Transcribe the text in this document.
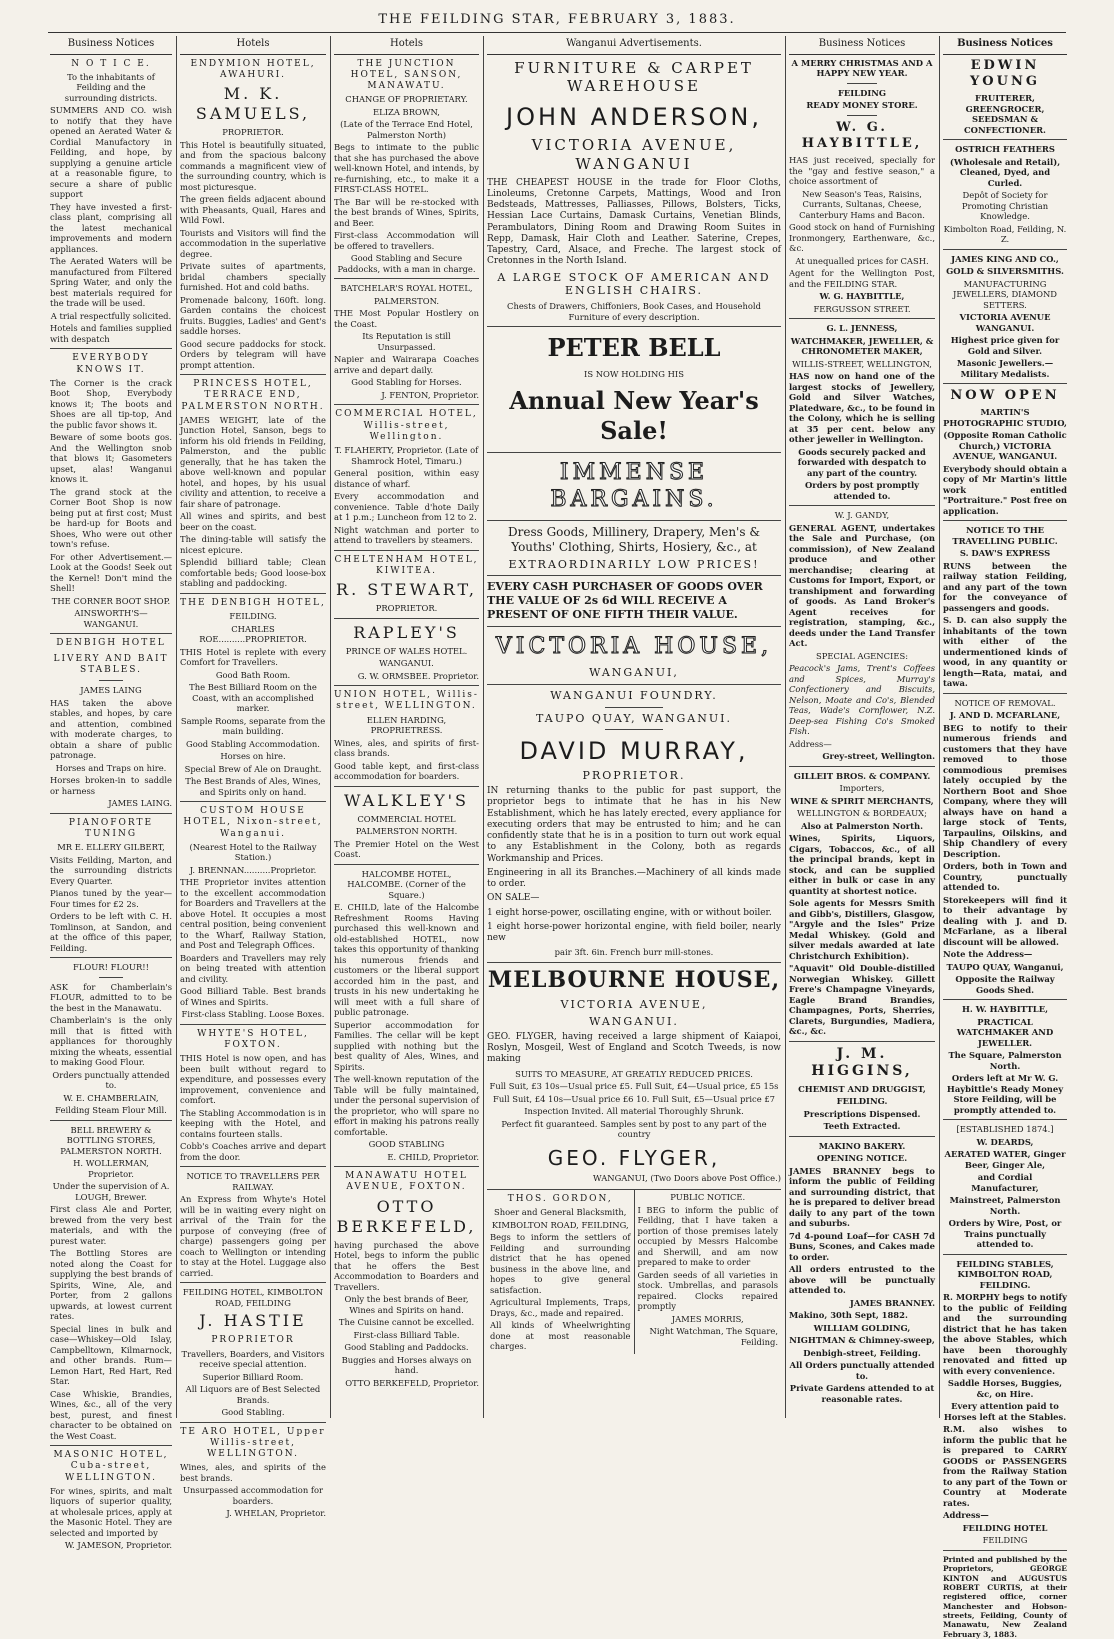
THE FEILDING STAR, FEBRUARY 3, 1883.
Business Notices
N O T I C E.
To the inhabitants of Feilding and the surrounding districts.
SUMMERS AND CO. wish to notify that they have opened an Aerated Water & Cordial Manufactory in Feilding, and hope, by supplying a genuine article at a reasonable figure, to secure a share of public support
They have invested a first-class plant, comprising all the latest mechanical improvements and modern appliances.
The Aerated Waters will be manufactured from Filtered Spring Water, and only the best materials required for the trade will be used.
A trial respectfully solicited.
Hotels and families supplied with despatch
EVERYBODY KNOWS IT.
The Corner is the crack Boot Shop, Everybody knows it; The boots and Shoes are all tip-top, And the public favor shows it.
Beware of some boots gos. And the Wellington snob that blows it; Gasometers upset, alas! Wanganui knows it.
The grand stock at the Corner Boot Shop is now being put at first cost; Must be hard-up for Boots and Shoes, Who were out other town's refuse.
For other Advertisement.—Look at the Goods! Seek out the Kernel! Don't mind the Shell!
THE CORNER BOOT SHOP.
AINSWORTH'S—WANGANUI.
DENBIGH HOTEL
LIVERY AND BAIT STABLES.
JAMES LAING
HAS taken the above stables, and hopes, by care and attention, combined with moderate charges, to obtain a share of public patronage.
Horses and Traps on hire.
Horses broken-in to saddle or harness
JAMES LAING.
PIANOFORTE TUNING
MR E. ELLERY GILBERT,
Visits Feilding, Marton, and the surrounding districts Every Quarter.
Pianos tuned by the year—Four times for £2 2s.
Orders to be left with C. H. Tomlinson, at Sandon, and at the office of this paper, Feilding.
FLOUR! FLOUR!!
ASK for Chamberlain's FLOUR, admitted to to be the best in the Manawatu.
Chamberlain's is the only mill that is fitted with appliances for thoroughly mixing the wheats, essential to making Good Flour.
Orders punctually attended to.
W. E. CHAMBERLAIN,
Feilding Steam Flour Mill.
BELL BREWERY & BOTTLING STORES, PALMERSTON NORTH.
H. WOLLERMAN, Proprietor.
Under the supervision of A. LOUGH, Brewer.
First class Ale and Porter, brewed from the very best materials, and with the purest water.
The Bottling Stores are noted along the Coast for supplying the best brands of Spirits, Wine, Ale, and Porter, from 2 gallons upwards, at lowest current rates.
Special lines in bulk and case—Whiskey—Old Islay, Campbelltown, Kilmarnock, and other brands. Rum—Lemon Hart, Red Hart, Red Star.
Case Whiskie, Brandies, Wines, &c., all of the very best, purest, and finest character to be obtained on the West Coast.
MASONIC HOTEL, Cuba-street, WELLINGTON.
For wines, spirits, and malt liquors of superior quality, at wholesale prices, apply at the Masonic Hotel. They are selected and imported by
W. JAMESON, Proprietor.
Hotels
ENDYMION HOTEL, AWAHURI.
M. K. SAMUELS,
PROPRIETOR.
This Hotel is beautifully situated, and from the spacious balcony commands a magnificent view of the surrounding country, which is most picturesque.
The green fields adjacent abound with Pheasants, Quail, Hares and Wild Fowl.
Tourists and Visitors will find the accommodation in the superlative degree.
Private suites of apartments, bridal chambers specially furnished. Hot and cold baths.
Promenade balcony, 160ft. long. Garden contains the choicest fruits. Buggies, Ladies' and Gent's saddle horses.
Good secure paddocks for stock. Orders by telegram will have prompt attention.
PRINCESS HOTEL, TERRACE END, PALMERSTON NORTH.
JAMES WEIGHT, late of the Junction Hotel, Sanson, begs to inform his old friends in Feilding, Palmerston, and the public generally, that he has taken the above well-known and popular hotel, and hopes, by his usual civility and attention, to receive a fair share of patronage.
All wines and spirits, and best beer on the coast.
The dining-table will satisfy the nicest epicure.
Splendid billiard table; Clean comfortable beds; Good loose-box stabling and paddocking.
THE DENBIGH HOTEL,
FEILDING.
CHARLES ROE..........PROPRIETOR.
THIS Hotel is replete with every Comfort for Travellers.
Good Bath Room.
The Best Billiard Room on the Coast, with an accomplished marker.
Sample Rooms, separate from the main building.
Good Stabling Accommodation.
Horses on hire.
Special Brew of Ale on Draught.
The Best Brands of Ales, Wines, and Spirits only on hand.
CUSTOM HOUSE HOTEL, Nixon-street, Wanganui.
(Nearest Hotel to the Railway Station.)
J. BRENNAN..........Proprietor.
THE Proprietor invites attention to the excellent accommodation for Boarders and Travellers at the above Hotel. It occupies a most central position, being convenient to the Wharf, Railway Station, and Post and Telegraph Offices.
Boarders and Travellers may rely on being treated with attention and civility.
Good Billiard Table. Best brands of Wines and Spirits.
First-class Stabling. Loose Boxes.
WHYTE'S HOTEL, FOXTON.
THIS Hotel is now open, and has been built without regard to expenditure, and possesses every improvement, convenience and comfort.
The Stabling Accommodation is in keeping with the Hotel, and contains fourteen stalls.
Cobb's Coaches arrive and depart from the door.
NOTICE TO TRAVELLERS PER RAILWAY.
An Express from Whyte's Hotel will be in waiting every night on arrival of the Train for the purpose of conveying (free of charge) passengers going per coach to Wellington or intending to stay at the Hotel. Luggage also carried.
FEILDING HOTEL, KIMBOLTON ROAD, FEILDING
J. HASTIE
PROPRIETOR
Travellers, Boarders, and Visitors receive special attention.
Superior Billiard Room.
All Liquors are of Best Selected Brands.
Good Stabling.
TE ARO HOTEL, Upper Willis-street, WELLINGTON.
Wines, ales, and spirits of the best brands.
Unsurpassed accommodation for boarders.
J. WHELAN, Proprietor.
Hotels
THE JUNCTION HOTEL, SANSON, MANAWATU.
CHANGE OF PROPRIETARY.
ELIZA BROWN,
(Late of the Terrace End Hotel, Palmerston North)
Begs to intimate to the public that she has purchased the above well-known Hotel, and intends, by re-furnishing, etc., to make it a FIRST-CLASS HOTEL.
The Bar will be re-stocked with the best brands of Wines, Spirits, and Beer.
First-class Accommodation will be offered to travellers.
Good Stabling and Secure Paddocks, with a man in charge.
BATCHELAR'S ROYAL HOTEL,
PALMERSTON.
THE Most Popular Hostlery on the Coast.
Its Reputation is still Unsurpassed.
Napier and Wairarapa Coaches arrive and depart daily.
Good Stabling for Horses.
J. FENTON, Proprietor.
COMMERCIAL HOTEL, Willis-street, Wellington.
T. FLAHERTY, Proprietor. (Late of Shamrock Hotel, Timaru.)
General position, within easy distance of wharf.
Every accommodation and convenience. Table d'hote Daily at 1 p.m.; Luncheon from 12 to 2.
Night watchman and porter to attend to travellers by steamers.
CHELTENHAM HOTEL, KIWITEA.
R. STEWART,
PROPRIETOR.
RAPLEY'S
PRINCE OF WALES HOTEL.
WANGANUI.
G. W. ORMSBEE. Proprietor.
UNION HOTEL, Willis-street, WELLINGTON.
ELLEN HARDING, PROPRIETRESS.
Wines, ales, and spirits of first-class brands.
Good table kept, and first-class accommodation for boarders.
WALKLEY'S
COMMERCIAL HOTEL
PALMERSTON NORTH.
The Premier Hotel on the West Coast.
HALCOMBE HOTEL, HALCOMBE. (Corner of the Square.)
E. CHILD, late of the Halcombe Refreshment Rooms Having purchased this well-known and old-established HOTEL, now takes this opportunity of thanking his numerous friends and customers or the liberal support accorded him in the past, and trusts in his new undertaking he will meet with a full share of public patronage.
Superior accommodation for Families. The cellar will be kept supplied with nothing but the best quality of Ales, Wines, and Spirits.
The well-known reputation of the Table will be fully maintained, under the personal supervision of the proprietor, who will spare no effort in making his patrons really comfortable.
GOOD STABLING
E. CHILD, Proprietor.
MANAWATU HOTEL AVENUE, FOXTON.
OTTO BERKEFELD,
having purchased the above Hotel, begs to inform the public that he offers the Best Accommodation to Boarders and Travellers.
Only the best brands of Beer, Wines and Spirits on hand.
The Cuisine cannot be excelled.
First-class Billiard Table.
Good Stabling and Paddocks.
Buggies and Horses always on hand.
OTTO BERKEFELD, Proprietor.
Wanganui Advertisements.
FURNITURE & CARPET WAREHOUSE
JOHN ANDERSON,
VICTORIA AVENUE, WANGANUI
THE CHEAPEST HOUSE in the trade for Floor Cloths, Linoleums, Cretonne Carpets, Mattings, Wood and Iron Bedsteads, Mattresses, Palliasses, Pillows, Bolsters, Ticks, Hessian Lace Curtains, Damask Curtains, Venetian Blinds, Perambulators, Dining Room and Drawing Room Suites in Repp, Damask, Hair Cloth and Leather. Saterine, Crepes, Tapestry, Card, Alsace, and Freche. The largest stock of Cretonnes in the North Island.
A LARGE STOCK OF AMERICAN AND ENGLISH CHAIRS.
Chests of Drawers, Chiffoniers, Book Cases, and Household Furniture of every description.
PETER BELL
IS NOW HOLDING HIS
Annual New Year's Sale!
IMMENSE BARGAINS.
Dress Goods, Millinery, Drapery, Men's & Youths' Clothing, Shirts, Hosiery, &c., at
EXTRAORDINARILY LOW PRICES!
EVERY CASH PURCHASER OF GOODS OVER THE VALUE OF 2s 6d WILL RECEIVE A PRESENT OF ONE FIFTH THEIR VALUE.
VICTORIA HOUSE,
WANGANUI,
WANGANUI FOUNDRY.
TAUPO QUAY, WANGANUI.
DAVID MURRAY,
PROPRIETOR.
IN returning thanks to the public for past support, the proprietor begs to intimate that he has in his New Establishment, which he has lately erected, every appliance for executing orders that may be entrusted to him; and he can confidently state that he is in a position to turn out work equal to any Establishment in the Colony, both as regards Workmanship and Prices.
Engineering in all its Branches.—Machinery of all kinds made to order.
ON SALE—
1 eight horse-power, oscillating engine, with or without boiler.
1 eight horse-power horizontal engine, with field boiler, nearly new
pair 3ft. 6in. French burr mill-stones.
MELBOURNE HOUSE,
VICTORIA AVENUE,
WANGANUI.
GEO. FLYGER, having received a large shipment of Kaiapoi, Roslyn, Mosgeil, West of England and Scotch Tweeds, is now making
SUITS TO MEASURE, AT GREATLY REDUCED PRICES.
Full Suit, £3 10s—Usual price £5. Full Suit, £4—Usual price, £5 15s
Full Suit, £4 10s—Usual price £6 10. Full Suit, £5—Usual price £7
Inspection Invited. All material Thoroughly Shrunk.
Perfect fit guaranteed. Samples sent by post to any part of the country
GEO. FLYGER,
WANGANUI, (Two Doors above Post Office.)
THOS. GORDON,
Shoer and General Blacksmith,
KIMBOLTON ROAD, FEILDING,
Begs to inform the settlers of Feilding and surrounding district that he has opened business in the above line, and hopes to give general satisfaction.
Agricultural Implements, Traps, Drays, &c., made and repaired.
All kinds of Wheelwrighting done at most reasonable charges.
PUBLIC NOTICE.
I BEG to inform the public of Feilding, that I have taken a portion of those premises lately occupied by Messrs Halcombe and Sherwill, and am now prepared to make to order
Garden seeds of all varieties in stock. Umbrellas, and parasols repaired. Clocks repaired promptly
JAMES MORRIS,
Night Watchman, The Square, Feilding.
Business Notices
A MERRY CHRISTMAS AND A HAPPY NEW YEAR.
FEILDING
READY MONEY STORE.
W. G. HAYBITTLE,
HAS just received, specially for the "gay and festive season," a choice assortment of
New Season's Teas, Raisins, Currants, Sultanas, Cheese, Canterbury Hams and Bacon.
Good stock on hand of Furnishing Ironmongery, Earthenware, &c., &c.
At unequalled prices for CASH.
Agent for the Wellington Post, and the FEILDING STAR.
W. G. HAYBITTLE,
FERGUSSON STREET.
G. L. JENNESS,
WATCHMAKER, JEWELLER, & CHRONOMETER MAKER,
WILLIS-STREET, WELLINGTON,
HAS now on hand one of the largest stocks of Jewellery, Gold and Silver Watches, Platedware, &c., to be found in the Colony, which he is selling at 35 per cent. below any other jeweller in Wellington.
Goods securely packed and forwarded with despatch to any part of the country.
Orders by post promptly attended to.
W. J. GANDY,
GENERAL AGENT, undertakes the Sale and Purchase, (on commission), of New Zealand produce and other merchandise; clearing at Customs for Import, Export, or transhipment and forwarding of goods. As Land Broker's Agent receives for registration, stamping, &c., deeds under the Land Transfer Act.
SPECIAL AGENCIES:
Peacock's Jams, Trent's Coffees and Spices, Murray's Confectionery and Biscuits, Nelson, Moate and Co's, Blended Teas, Wade's Cornflower, N.Z. Deep-sea Fishing Co's Smoked Fish.
Address—
Grey-street, Wellington.
GILLEIT BROS. & COMPANY.
Importers,
WINE & SPIRIT MERCHANTS,
WELLINGTON & BORDEAUX;
Also at Palmerston North.
Wines, Spirits, Liquors, Cigars, Tobaccos, &c., of all the principal brands, kept in stock, and can be supplied either in bulk or case in any quantity at shortest notice.
Sole agents for Messrs Smith and Gibb's, Distillers, Glasgow, "Argyle and the Isles" Prize Medal Whiskey. (Gold and silver medals awarded at late Christchurch Exhibition).
"Aquavit" Old Double-distilled Norwegian Whiskey. Gillett Frere's Champagne Vineyards, Eagle Brand Brandies, Champagnes, Ports, Sherries, Clarets, Burgundies, Madiera, &c., &c.
J. M. HIGGINS,
CHEMIST AND DRUGGIST,
FEILDING.
Prescriptions Dispensed.
Teeth Extracted.
MAKINO BAKERY.
OPENING NOTICE.
JAMES BRANNEY begs to inform the public of Feilding and surrounding district, that he is prepared to deliver bread daily to any part of the town and suburbs.
7d 4-pound Loaf—for CASH 7d Buns, Scones, and Cakes made to order.
All orders entrusted to the above will be punctually attended to.
JAMES BRANNEY.
Makino, 30th Sept, 1882.
WILLIAM GOLDING,
NIGHTMAN & Chimney-sweep,
Denbigh-street, Feilding.
All Orders punctually attended to.
Private Gardens attended to at reasonable rates.
Business Notices
EDWIN YOUNG
FRUITERER, GREENGROCER, SEEDSMAN & CONFECTIONER.
OSTRICH FEATHERS
(Wholesale and Retail), Cleaned, Dyed, and Curled.
Depôt of Society for Promoting Christian Knowledge.
Kimbolton Road, Feilding, N. Z.
JAMES KING AND CO.,
GOLD & SILVERSMITHS.
MANUFACTURING JEWELLERS, DIAMOND SETTERS.
VICTORIA AVENUE WANGANUI.
Highest price given for Gold and Silver.
Masonic Jewellers.—Military Medalists.
NOW OPEN
MARTIN'S PHOTOGRAPHIC STUDIO,
(Opposite Roman Catholic Church,) VICTORIA AVENUE, WANGANUI.
Everybody should obtain a copy of Mr Martin's little work entitled "Portraiture." Post free on application.
NOTICE TO THE TRAVELLING PUBLIC.
S. DAW'S EXPRESS
RUNS between the railway station Feilding, and any part of the town for the conveyance of passengers and goods.
S. D. can also supply the inhabitants of the town with either of the undermentioned kinds of wood, in any quantity or length—Rata, matai, and tawa.
NOTICE OF REMOVAL.
J. AND D. MCFARLANE,
BEG to notify to their numerous friends and customers that they have removed to those commodious premises lately occupied by the Northern Boot and Shoe Company, where they will always have on hand a large stock of Tents, Tarpaulins, Oilskins, and Ship Chandlery of every Description.
Orders, both in Town and Country, punctually attended to.
Storekeepers will find it to their advantage by dealing with J. and D. McFarlane, as a liberal discount will be allowed.
Note the Address—
TAUPO QUAY, Wanganui,
Opposite the Railway Goods Shed.
H. W. HAYBITTLE,
PRACTICAL WATCHMAKER AND JEWELLER.
The Square, Palmerston North.
Orders left at Mr W. G. Haybittle's Ready Money Store Feilding, will be promptly attended to.
[ESTABLISHED 1874.]
W. DEARDS,
AERATED WATER, Ginger Beer, Ginger Ale,
and Cordial Manufacturer,
Mainstreet, Palmerston North.
Orders by Wire, Post, or Trains punctually attended to.
FEILDING STABLES, KIMBOLTON ROAD, FEILDING.
R. MORPHY begs to notify to the public of Feilding and the surrounding district that he has taken the above Stables, which have been thoroughly renovated and fitted up with every convenience.
Saddle Horses, Buggies, &c, on Hire.
Every attention paid to Horses left at the Stables.
R.M. also wishes to inform the public that he is prepared to CARRY GOODS or PASSENGERS from the Railway Station to any part of the Town or Country at Moderate rates.
Address—
FEILDING HOTEL
FEILDING
Printed and published by the Proprietors, GEORGE KINTON and AUGUSTUS ROBERT CURTIS, at their registered office, corner Manchester and Hobson-streets, Feilding, County of Manawatu, New Zealand February 3, 1883.
